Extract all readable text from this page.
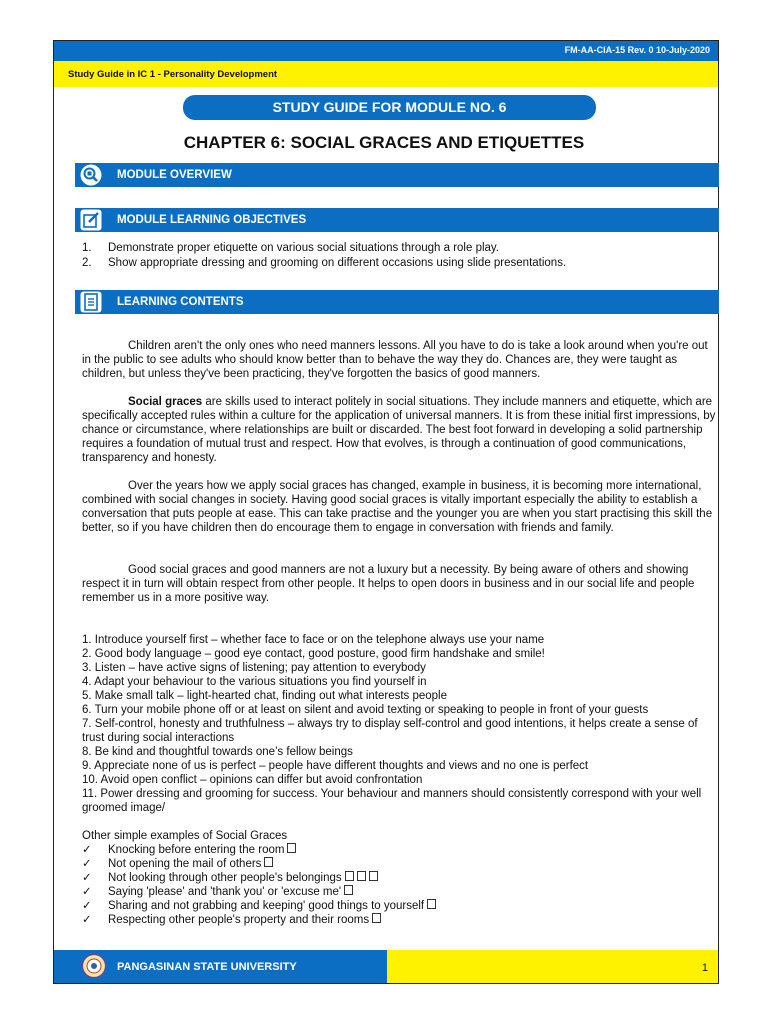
FM-AA-CIA-15 Rev. 0 10-July-2020
Study Guide in IC 1 - Personality Development
STUDY GUIDE FOR MODULE NO. 6
CHAPTER 6: SOCIAL GRACES AND ETIQUETTES
MODULE OVERVIEW
MODULE LEARNING OBJECTIVES
1.	Demonstrate proper etiquette on various social situations through a role play.
2.	Show appropriate dressing and grooming on different occasions using slide presentations.
LEARNING CONTENTS

Children aren't the only ones who need manners lessons. All you have to do is take a look around when you're out in the public to see adults who should know better than to behave the way they do. Chances are, they were taught as children, but unless they've been practicing, they've forgotten the basics of good manners.

Social graces are skills used to interact politely in social situations. They include manners and etiquette, which are specifically accepted rules within a culture for the application of universal manners. It is from these initial first impressions, by chance or circumstance, where relationships are built or discarded. The best foot forward in developing a solid partnership requires a foundation of mutual trust and respect. How that evolves, is through a continuation of good communications, transparency and honesty.

Over the years how we apply social graces has changed, example in business, it is becoming more international, combined with social changes in society. Having good social graces is vitally important especially the ability to establish a conversation that puts people at ease. This can take practise and the younger you are when you start practising this skill the better, so if you have children then do encourage them to engage in conversation with friends and family.

Good social graces and good manners are not a luxury but a necessity. By being aware of others and showing respect it in turn will obtain respect from other people. It helps to open doors in business and in our social life and people remember us in a more positive way.

1. Introduce yourself first – whether face to face or on the telephone always use your name
2. Good body language – good eye contact, good posture, good firm handshake and smile!
3. Listen – have active signs of listening; pay attention to everybody
4. Adapt your behaviour to the various situations you find yourself in
5. Make small talk – light-hearted chat, finding out what interests people
6. Turn your mobile phone off or at least on silent and avoid texting or speaking to people in front of your guests
7. Self-control, honesty and truthfulness – always try to display self-control and good intentions, it helps create a sense of trust during social interactions
8. Be kind and thoughtful towards one’s fellow beings
9. Appreciate none of us is perfect – people have different thoughts and views and no one is perfect
10. Avoid open conflict – opinions can differ but avoid confrontation
11. Power dressing and grooming for success. Your behaviour and manners should consistently correspond with your well groomed image/
Other simple examples of Social Graces
✓	Knocking before entering the room
✓	Not opening the mail of others
✓	Not looking through other people's belongings
✓	Saying 'please' and 'thank you' or 'excuse me'
✓	Sharing and not grabbing and keeping' good things to yourself
✓	Respecting other people's property and their rooms
PANGASINAN STATE UNIVERSITY	1
